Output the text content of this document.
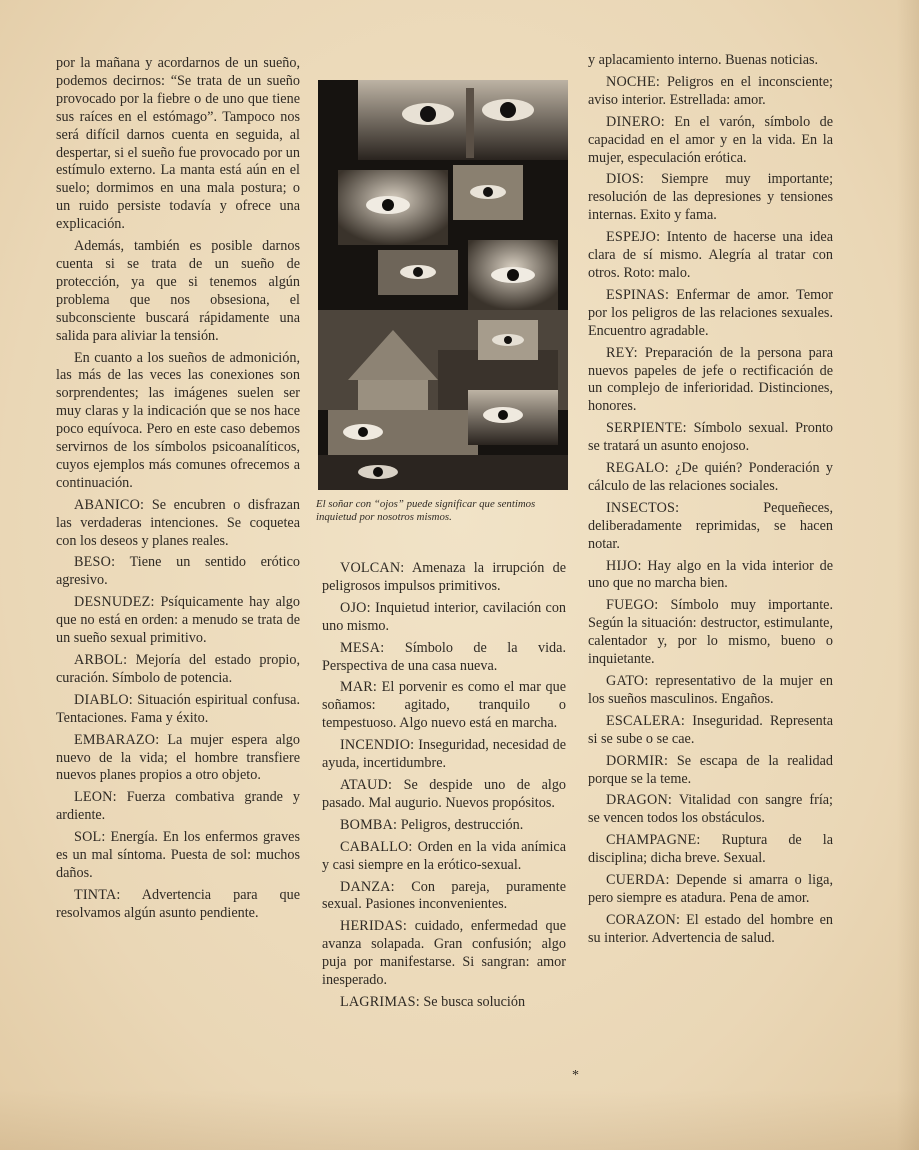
por la mañana y acordarnos de un sueño, podemos decirnos: “Se trata de un sueño provocado por la fiebre o de uno que tiene sus raíces en el estómago”. Tampoco nos será difícil darnos cuenta en seguida, al despertar, si el sueño fue provocado por un estímulo externo. La manta está aún en el suelo; dormimos en una mala postura; o un ruido persiste todavía y ofrece una explicación.

Además, también es posible darnos cuenta si se trata de un sueño de protección, ya que si tenemos algún problema que nos obsesiona, el subconsciente buscará rápidamente una salida para aliviar la tensión.

En cuanto a los sueños de admonición, las más de las veces las conexiones son sorprendentes; las imágenes suelen ser muy claras y la indicación que se nos hace poco equívoca. Pero en este caso debemos servirnos de los símbolos psicoanalíticos, cuyos ejemplos más comunes ofrecemos a continuación.

ABANICO: Se encubren o disfrazan las verdaderas intenciones. Se coquetea con los deseos y planes reales.

BESO: Tiene un sentido erótico agresivo.

DESNUDEZ: Psíquicamente hay algo que no está en orden: a menudo se trata de un sueño sexual primitivo.

ARBOL: Mejoría del estado propio, curación. Símbolo de potencia.

DIABLO: Situación espiritual confusa. Tentaciones. Fama y éxito.

EMBARAZO: La mujer espera algo nuevo de la vida; el hombre transfiere nuevos planes propios a otro objeto.

LEON: Fuerza combativa grande y ardiente.

SOL: Energía. En los enfermos graves es un mal síntoma. Puesta de sol: muchos daños.

TINTA: Advertencia para que resolvamos algún asunto pendiente.

El soñar con “ojos” puede significar que sentimos inquietud por nosotros mismos.

VOLCAN: Amenaza la irrupción de peligrosos impulsos primitivos.

OJO: Inquietud interior, cavilación con uno mismo.

MESA: Símbolo de la vida. Perspectiva de una casa nueva.

MAR: El porvenir es como el mar que soñamos: agitado, tranquilo o tempestuoso. Algo nuevo está en marcha.

INCENDIO: Inseguridad, necesidad de ayuda, incertidumbre.

ATAUD: Se despide uno de algo pasado. Mal augurio. Nuevos propósitos.

BOMBA: Peligros, destrucción.

CABALLO: Orden en la vida anímica y casi siempre en la erótico-sexual.

DANZA: Con pareja, puramente sexual. Pasiones inconvenientes.

HERIDAS: cuidado, enfermedad que avanza solapada. Gran confusión; algo puja por manifestarse. Si sangran: amor inesperado.

LAGRIMAS: Se busca solución

y aplacamiento interno. Buenas noticias.

NOCHE: Peligros en el inconsciente; aviso interior. Estrellada: amor.

DINERO: En el varón, símbolo de capacidad en el amor y en la vida. En la mujer, especulación erótica.

DIOS: Siempre muy importante; resolución de las depresiones y tensiones internas. Exito y fama.

ESPEJO: Intento de hacerse una idea clara de sí mismo. Alegría al tratar con otros. Roto: malo.

ESPINAS: Enfermar de amor. Temor por los peligros de las relaciones sexuales. Encuentro agradable.

REY: Preparación de la persona para nuevos papeles de jefe o rectificación de un complejo de inferioridad. Distinciones, honores.

SERPIENTE: Símbolo sexual. Pronto se tratará un asunto enojoso.

REGALO: ¿De quién? Ponderación y cálculo de las relaciones sociales.

INSECTOS:	Pequeñeces, deliberadamente reprimidas, se hacen notar.

HIJO: Hay algo en la vida interior de uno que no marcha bien.

FUEGO: Símbolo muy importante. Según la situación: destructor, estimulante, calentador y, por lo mismo, bueno o inquietante.

GATO: representativo de la mujer en los sueños masculinos. Engaños.

ESCALERA: Inseguridad. Representa si se sube o se cae.

DORMIR: Se escapa de la realidad porque se la teme.

DRAGON: Vitalidad con sangre fría; se vencen todos los obstáculos.

CHAMPAGNE: Ruptura de la disciplina; dicha breve. Sexual.

CUERDA: Depende si amarra o liga, pero siempre es atadura. Pena de amor.

CORAZON: El estado del hombre en su interior. Advertencia de salud.

*
